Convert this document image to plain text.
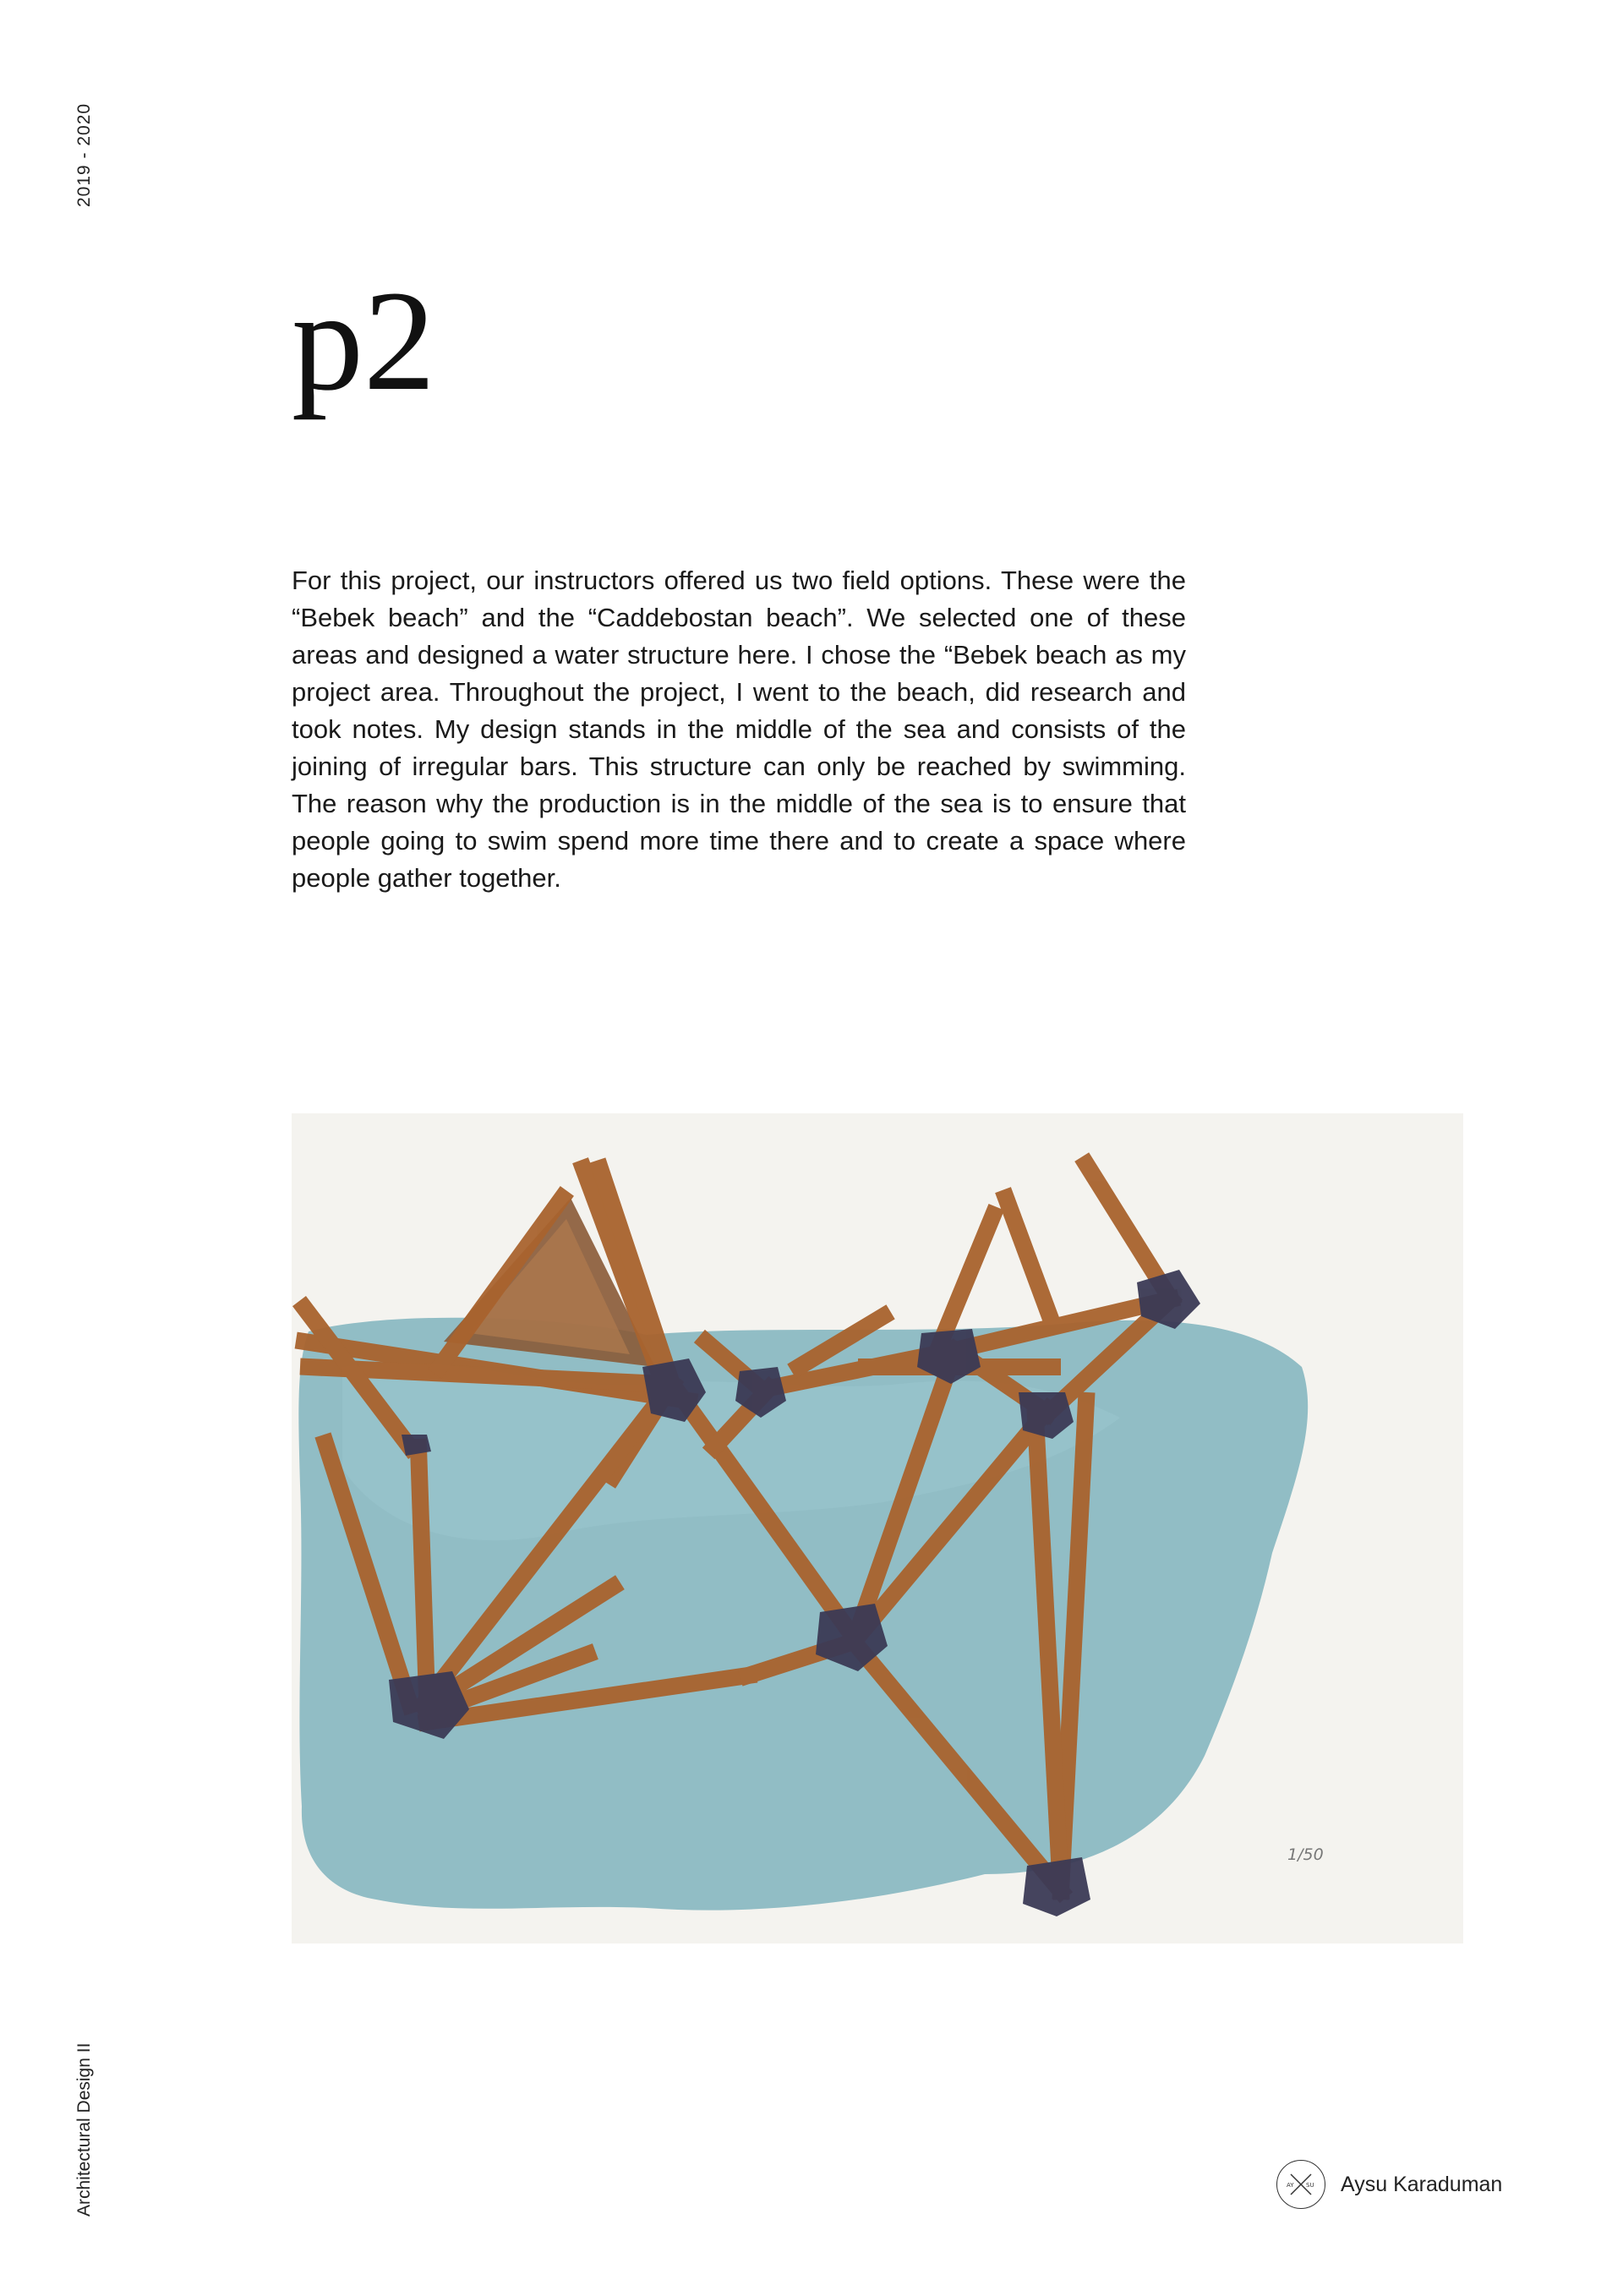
2019 - 2020
Architectural Design II
p2

For this project, our instructors offered us two field options. These were the “Bebek beach” and the “Caddebostan beach”. We selected one of these areas and designed a water structure here. I chose the “Bebek beach as my project area. Throughout the project, I went to the beach, did research and took notes. My design stands in the middle of the sea and consists of the joining of irregular bars. This structure can only be reached by swimming. The reason why the production is in the middle of the sea is to ensure that people going to swim spend more time there and to create a space where people gather together.

1/50
AY SU Aysu Karaduman
